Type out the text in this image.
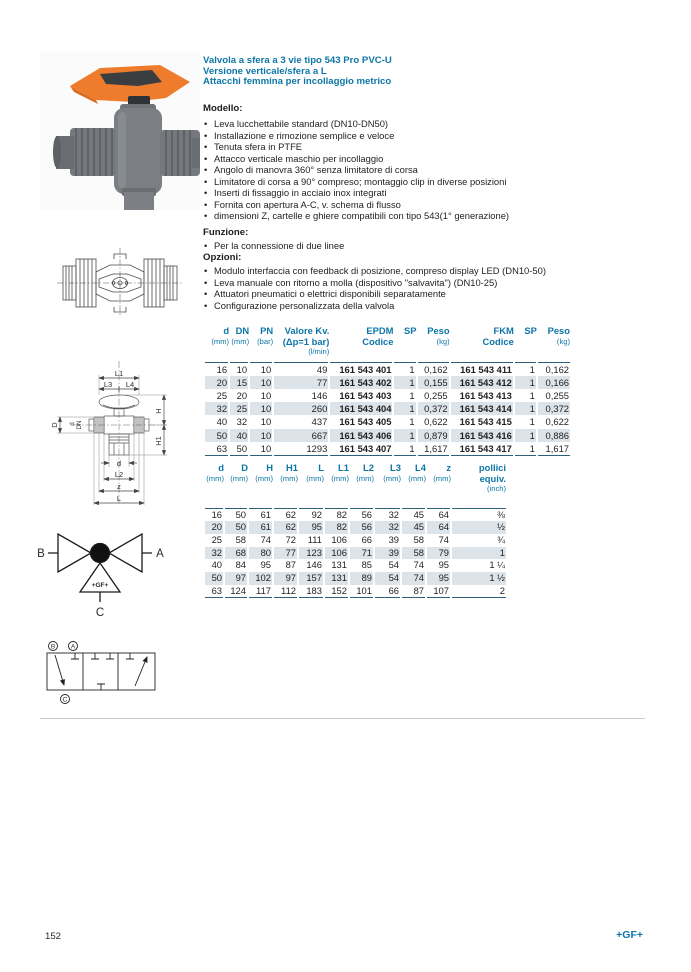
Valvola a sfera a 3 vie tipo 543 Pro PVC-U
Versione verticale/sfera a L
Attacchi femmina per incollaggio metrico
Modello:
• Leva lucchettabile standard (DN10-DN50)
• Installazione e rimozione semplice e veloce
• Tenuta sfera in PTFE
• Attacco verticale maschio per incollaggio
• Angolo di manovra 360° senza limitatore di corsa
• Limitatore di corsa a 90° compreso; montaggio clip in diverse posizioni
• Inserti di fissaggio in acciaio inox integrati
• Fornita con apertura A-C, v. schema di flusso
• dimensioni Z, cartelle e ghiere compatibili con tipo 543(1° generazione)
Funzione:
• Per la connessione di due linee
Opzioni:
• Modulo interfaccia con feedback di posizione, compreso display LED (DN10-50)
• Leva manuale con ritorno a molla (dispositivo "salvavita") (DN10-25)
• Attuatori pneumatici o elettrici disponibili separatamente
• Configurazione personalizzata della valvola
L1
L3 L4
H
H1
D d DN
d
L2
z
L
B	A
C
+GF+
B A
C
d
(mm)

DN
(mm)

PN
(bar)

Valore Kv.
(Δp=1 bar)
(l/min)

EPDM
Codice

SP	Peso
(kg)

FKM
Codice

SP	Peso
(kg)

16	10	10	49	161 543 401	1	0,162	161 543 411	1	0,162
20	15	10	77	161 543 402	1	0,155	161 543 412	1	0,166
25	20	10	146	161 543 403	1	0,255	161 543 413	1	0,255
32	25	10	260	161 543 404	1	0,372	161 543 414	1	0,372
40	32	10	437	161 543 405	1	0,622	161 543 415	1	0,622
50	40	10	667	161 543 406	1	0,879	161 543 416	1	0,886
63	50	10	1293	161 543 407	1	1,617	161 543 417	1	1,617
d
(mm)

D
(mm)

H
(mm)

H1
(mm)

L
(mm)

L1
(mm)

L2
(mm)

L3
(mm)

L4
(mm)

z
(mm)

pollici
equiv.
(inch)

16	50	61	62	92	82	56	32	45	64	⅜
20	50	61	62	95	82	56	32	45	64	½
25	58	74	72	111	106	66	39	58	74	¾
32	68	80	77	123	106	71	39	58	79	1
40	84	95	87	146	131	85	54	74	95	1 ¼
50	97	102	97	157	131	89	54	74	95	1 ½
63	124	117	112	183	152	101	66	87	107	2
152	+GF+
